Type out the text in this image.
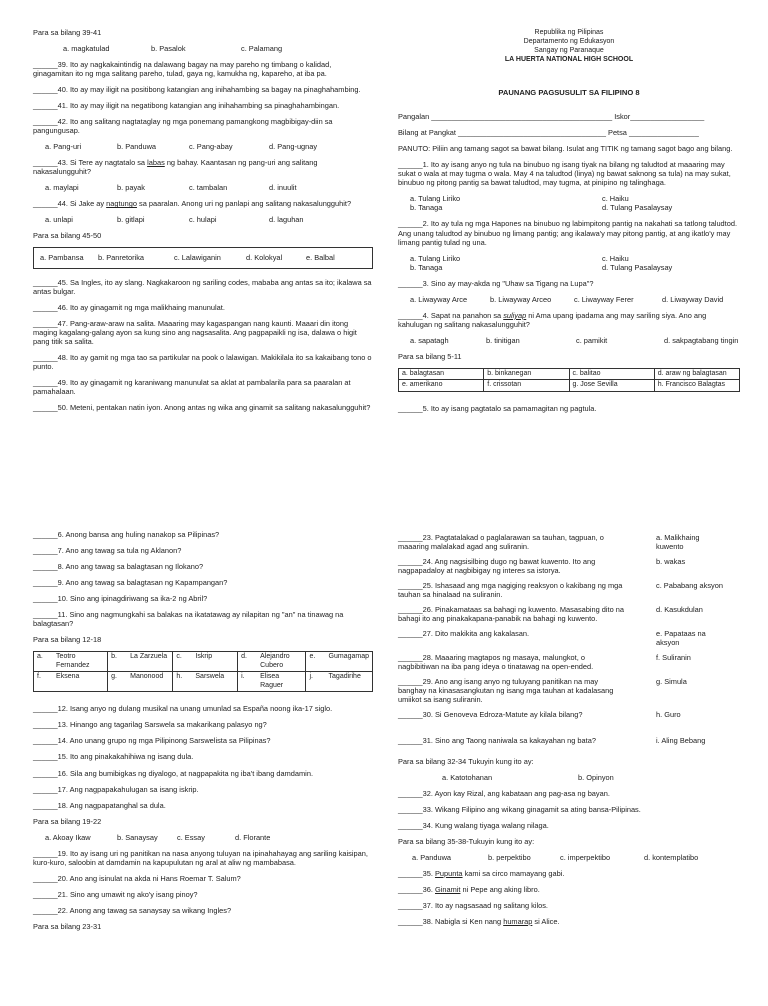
Para sa bilang 39-41
a. magkatulad	b. Pasalok	c. Palamang
______39. Ito ay nagkakaintindig na dalawang bagay na may pareho ng timbang o kalidad, ginagamitan ito ng mga salitang pareho, tulad, gaya ng, kamukha ng, kapareho, at iba pa.
______40. Ito ay may iligit na positibong katangian ang inihahambing sa bagay na pinaghahambing.
______41. Ito ay may iligit na negatibong katangian ang inihahambing sa pinaghahambingan.
______42. Ito ang salitang nagtataglay ng mga ponemang pamangkong magbibigay-diin sa pangungusap.
a. Pang-uri	b. Panduwa	c. Pang-abay	d. Pang-ugnay
______43. Si Tere ay nagtatalo sa labas ng bahay. Kaantasan ng pang-uri ang salitang nakasalungguhit?
a. maylapi	b. payak	c. tambalan	d. inuulit
______44. Si Jake ay nagtungo sa paaralan. Anong uri ng panlapi ang salitang nakasalungguhit?
a. unlapi	b. gitlapi	c. hulapi	d. laguhan
Para sa bilang 45-50
a. Pambansa	b. Panretorika	c. Lalawiganin	d. Kolokyal	e. Balbal
______45. Sa Ingles, ito ay slang. Nagkakaroon ng sariling codes, mababa ang antas sa ito; ikalawa sa antas bulgar.
______46. Ito ay ginagamit ng mga malikhaing manunulat.
______47. Pang-araw-araw na salita. Maaaring may kagaspangan nang kaunti. Maaari din itong maging kagalang-galang ayon sa kung sino ang nagsasalita. Ang pagpapaikli ng isa, dalawa o higit pang titik sa salita.
______48. Ito ay gamit ng mga tao sa partikular na pook o lalawigan. Makikilala ito sa kakaibang tono o punto.
______49. Ito ay ginagamit ng karaniwang manunulat sa aklat at pambalarila para sa paaralan at pamahalaan.
______50. Meteni, pentakan natin iyon. Anong antas ng wika ang ginamit sa salitang nakasalungguhit?
Republika ng Pilipinas
Departamento ng Edukasyon
Sangay ng Paranaque
LA HUERTA NATIONAL HIGH SCHOOL
PAUNANG PAGSUSULIT SA FILIPINO 8
Pangalan ____________________________________________ Iskor__________________
Bilang at Pangkat ____________________________________ Petsa _________________
PANUTO: Piliin ang tamang sagot sa bawat bilang. Isulat ang TITIK ng tamang sagot bago ang bilang.
______1. Ito ay isang anyo ng tula na binubuo ng isang tiyak na bilang ng taludtod at maaaring may sukat o wala at may tugma o wala. May 4 na taludtod (linya) ng bawat saknong sa tula) na may sukat, binubuo ng pitong pantig sa bawat taludtod, may tugma, at pinipino ng talinghaga.
a. Tulang Liriko	c. Haiku
b. Tanaga	d. Tulang Pasalaysay
______2. Ito ay tula ng mga Hapones na binubuo ng labimpitong pantig na nakahati sa tatlong taludtod. Ang unang taludtod ay binubuo ng limang pantig; ang ikalawa'y may pitong pantig, at ang ikatlo'y may limang pantig tulad ng una.
a. Tulang Liriko	c. Haiku
b. Tanaga	d. Tulang Pasalaysay
______3. Sino ay may-akda ng "Uhaw sa Tigang na Lupa"?
a. Liwayway Arce	b. Liwayway Arceo	c. Liwayway Ferer	d. Liwayway David
______4. Sapat na panahon sa suliyap ni Ama upang ipadama ang may sariling siya. Ano ang kahulugan ng salitang nakasalungguhit?
a. sapatagh	b. tinitigan	c. pamikit	d. sakpagtabang tingin
Para sa bilang 5-11
a. balagtasan	b. binkanegan	c. balitao	d. araw ng balagtasan
e. amerikano	f. crissotan	g. Jose Sevilla	h. Francisco Balagtas
______5. Ito ay isang pagtatalo sa pamamagitan ng pagtula.
______6. Anong bansa ang huling nanakop sa Pilipinas?
______7. Ano ang tawag sa tula ng Aklanon?
______8. Ano ang tawag sa balagtasan ng Ilokano?
______9. Ano ang tawag sa balagtasan ng Kapampangan?
______10. Sino ang ipinagdiriwang sa ika-2 ng Abril?
______11. Sino ang nagmungkahi sa balakas na ikatatawag ay nilapitan ng "an" na tinawag na balagtasan?
Para sa bilang 12-18
a.	Teotro Fernandez	b.	La Zarzuela	c.	Iskrip	d.	Alejandro Cubero	e.	Gumagamap
f.	Eksena	g.	Manonood	h.	Sarswela	i.	Elisea Raguer	j.	Tagadirihe
______12. Isang anyo ng dulang musikal na unang umunlad sa España noong ika-17 siglo.
______13. Hinango ang tagarilag Sarswela sa makarikang palasyo ng?
______14. Ano unang grupo ng mga Pilipinong Sarswelista sa Pilipinas?
______15. Ito ang pinakakahihiwa ng isang dula.
______16. Sila ang bumibigkas ng diyalogo, at nagpapakita ng iba't ibang damdamin.
______17. Ang nagpapakahulugan sa isang iskrip.
______18. Ang nagpapatanghal sa dula.
Para sa bilang 19-22
a. Akoay Ikaw	b. Sanaysay	c. Essay	d. Florante
______19. Ito ay isang uri ng panitikan na nasa anyong tuluyan na ipinahahayag ang sariling kaisipan, kuro-kuro, saloobin at damdamin na kapupulutan ng aral at aliw ng mambabasa.
______20. Ano ang isinulat na akda ni Hans Roemar T. Salum?
______21. Sino ang umawit ng ako'y isang pinoy?
______22. Anong ang tawag sa sanaysay sa wikang Ingles?
Para sa bilang 23-31
______23. Pagtatalakad o paglalarawan sa tauhan, tagpuan, o maaaring malalakad agad ang suliranin.
a. Malikhaing kuwento
______24. Ang nagsisilbing dugo ng bawat kuwento. Ito ang nagpapadaloy at nagbibigay ng interes sa istorya.
b. wakas
______25. Ishasaad ang mga nagiging reaksyon o kakibang ng mga tauhan sa hinalaad na suliranin.
c. Pababang aksyon
______26. Pinakamataas sa bahagi ng kuwento. Masasabing dito na bahagi ito ang pinakakapana-panabik na bahagi ng kuwento.
d. Kasukdulan
______27. Dito makikita ang kakalasan.	e. Papataas na aksyon
______28. Maaaring magtapos ng masaya, malungkot, o nagbibitiwan na iba pang ideya o tinatawag na open-ended.
f. Suliranin
______29. Ano ang isang anyo ng tuluyang panitikan na may banghay na kinasasangkutan ng isang mga tauhan at kadalasang umiikot sa isang suliranin.
g. Simula
______30. Si Genoveva Edroza-Matute ay kilala bilang?	h. Guro
______31. Sino ang Taong naniwala sa kakayahan ng bata?	i. Aling Bebang
Para sa bilang 32-34 Tukuyin kung ito ay:
a. Katotohanan	b. Opinyon
______32. Ayon kay Rizal, ang kabataan ang pag-asa ng bayan.
______33. Wikang Filipino ang wikang ginagamit sa ating bansa-Pilipinas.
______34. Kung walang tiyaga walang nilaga.
Para sa bilang 35-38-Tukuyin kung ito ay:
a. Panduwa	b. perpektibo	c. imperpektibo	d. kontemplatibo
______35. Pupunta kami sa circo mamayang gabi.
______36. Ginamit ni Pepe ang aking libro.
______37. Ito ay nagsasaad ng salitang kilos.
______38. Nabigla si Ken nang humarap si Alice.
